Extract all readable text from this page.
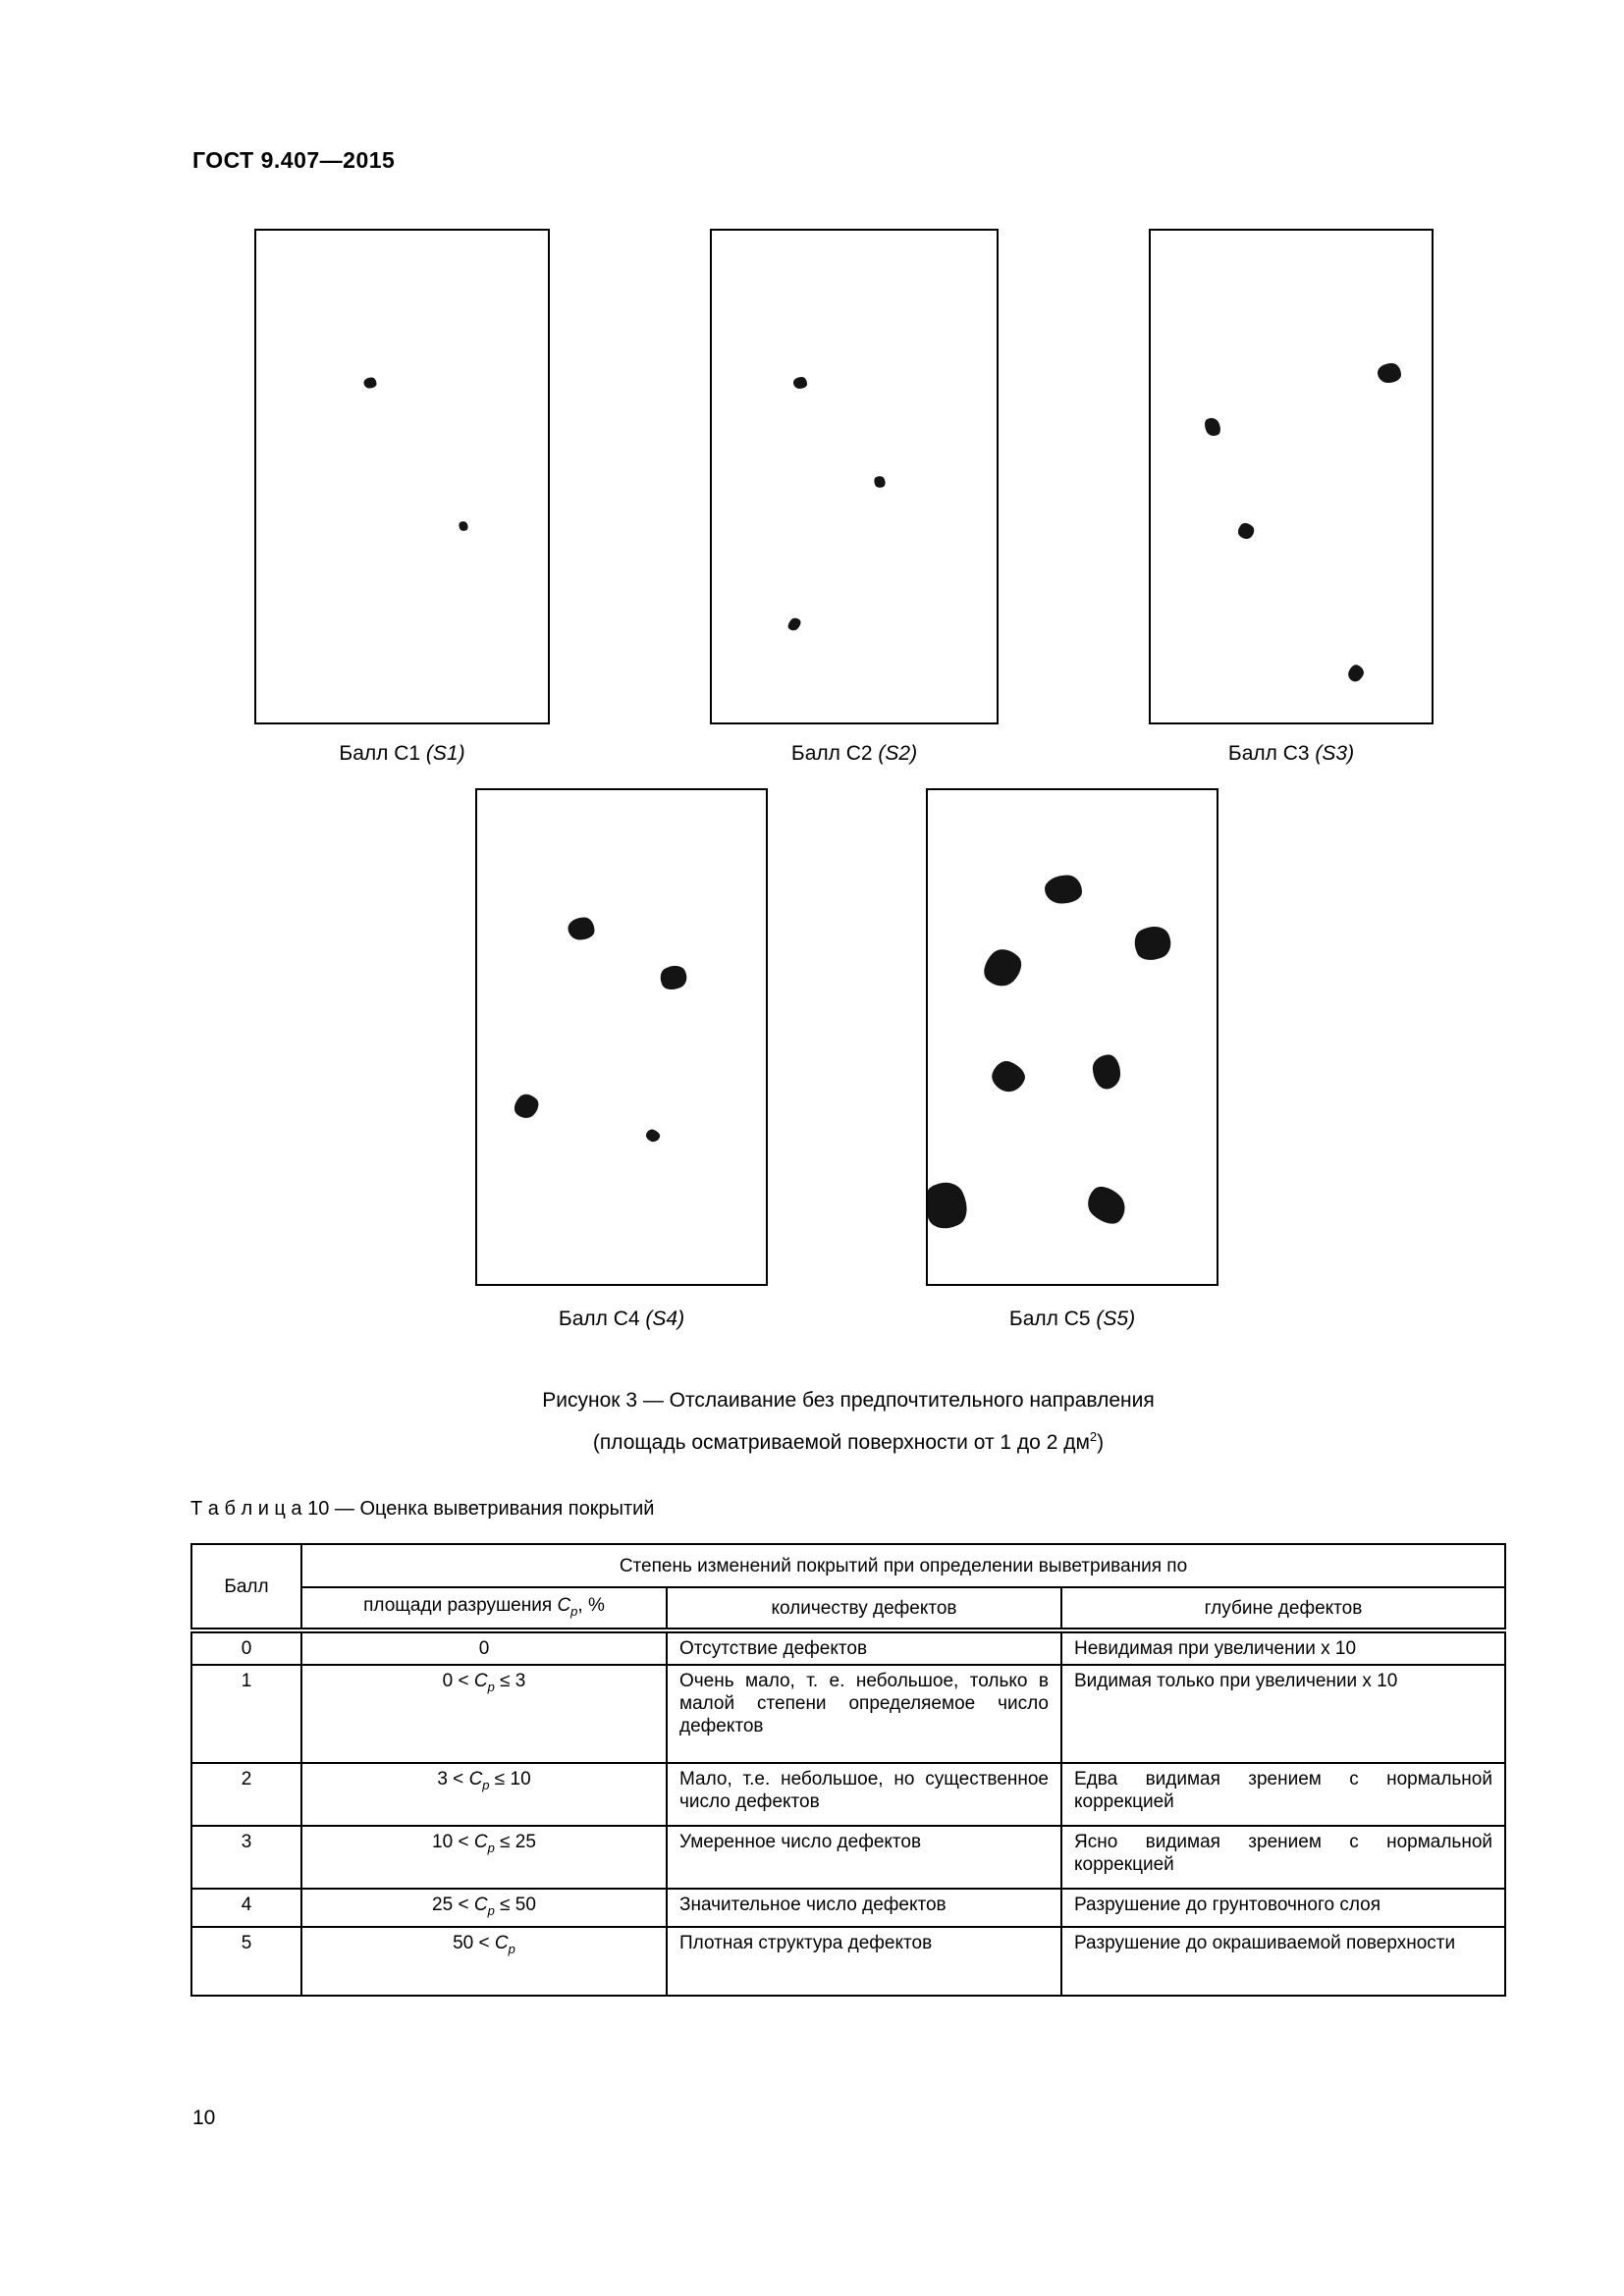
ГОСТ 9.407—2015
Балл С1 (S1)	Балл С2 (S2)	Балл С3 (S3)
Балл С4 (S4)	Балл С5 (S5)
Рисунок 3 — Отслаивание без предпочтительного направления
(площадь осматриваемой поверхности от 1 до 2 $дм^2$)
Т а б л и ц а 10 — Оценка выветривания покрытий
Балл	Степень изменений покрытий при определении выветривания по		
	площади разрушения $C_p$, %	количеству дефектов	глубине дефектов
0	0	Отсутствие дефектов	Невидимая при увеличении х 10
1	$0 < C_p \le 3$	Очень мало, т. е. небольшое, только в малой степени определяемое число дефектов	Видимая только при увеличении х 10
2	$3 < C_p \le 10$	Мало, т.е. небольшое, но существенное число дефектов	Едва видимая зрением с нормальной коррекцией
3	$10 < C_p \le 25$	Умеренное число дефектов	Ясно видимая зрением с нормальной коррекцией
4	$25 < C_p \le 50$	Значительное число дефектов	Разрушение до грунтовочного слоя
5	$50 < C_p$	Плотная структура дефектов	Разрушение до окрашиваемой поверхности
10
